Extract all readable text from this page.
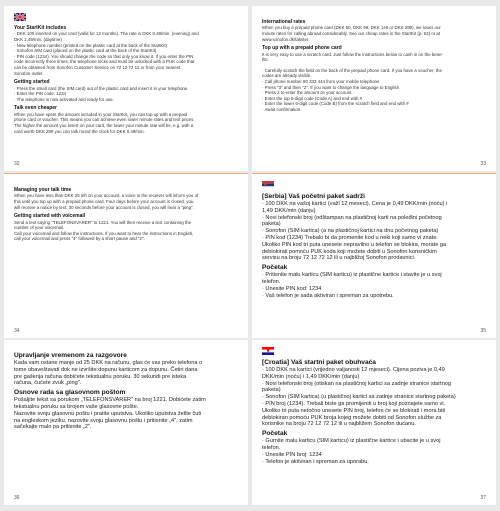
Your StartKit includes
· DKK 100 inserted on your card (valid for 12 months). The rate is DKK 0.49/min. (evening) and
DKK 1.49/min. (daytime)
· New telephone number (printed on the plastic card at the back of the StartKit)
· Sonofon SIM card (placed on the plastic card at the back of the StartKit)
· PIN code (1234). You should change the code so that only you know it. If you enter the PIN
code incorrectly three times, the telephone locks and must be unlocked with a PUK code that
can be obtained from Sonofon Customer Service on 72 12 72 12 or from your nearest
Sonofon outlet.
Getting started
· Press the small card (the SIM card) out of the plastic card and insert it in your telephone
· Enter the PIN code: 1234
· The telephone is now activated and ready for use.
Talk even cheaper
When you have spent the amount included in your StartKit, you can top up with a prepaid
phone card or voucher. This means you can achieve even lower minute rates and text prices.
The higher the amount you insert on your card, the lower your minute rate will be, e.g. with a
card worth DKK 299 you can talk round the clock for DKK 0.49/min.
32
International rates
When you buy a prepaid phone card (DKK 50, DKK 99, DKK 149 or DKK 299), we lower our
minute rates for calling abroad considerably. See our cheap rates in the StartKit (p. 63) or at
www.sonofon.dk/takster.
Top up with a prepaid phone card
It is very easy to use a scratch card. Just follow the instructions below to cash in on the bene-
fits.
· Carefully scratch the field on the back of the prepaid phone card. If you have a voucher, the
codes are already visible.
· Call phone number 80 333 444 from your mobile telephone
· Press "3" and then "2". If you want to change the language to English
· Press 2 to enter the amount on your account
· Enter the top 8-digit code (Code A) and end with #
· Enter the lower 6-digit code (Code B) from the scratch field and end with #
· Await confirmation
33
Managing your talk time
When you have less than DKK 25 left on your account, a voice in the receiver will inform you of
this until you top up with a prepaid phone card. Four days before your account is closed, you
will receive a notice by text. 30 seconds before your account is closed, you will hear a "ping".
Getting started with voicemail
Send a text saying "TELEFONSVARER" to 1221. You will then receive a text containing the
number of your voicemail.
Call your voicemail and follow the instructions. If you want to hear the instructions in English,
call your voicemail and press "4" followed by a short pause and "2".
34
[Serbia] Vaš početni paket sadrži
· 100 DKK na vašoj kartici (važi 12 meseci). Cena je 0,49 DKK/min (noću) i
1,49 DKK/min (danju)
· Novi telefonski broj (odštampan na plastičnoj karti na poleđini početnog
paketa)
· Sonofon (SIM kartica) (a na plastičnoj kartici na dnu početnog paketa)
· PIN kod (1234) Trebalo bi da promenite kod u neki koji samo vi znate.
Ukoliko PIN kod tri puta unesete nepravilno u telefon se blokira, morate ga
deblokirati pomoću PUK koda koji možete dobiti u Sonofon korisničkim
servisu na broju 72 12 72 12 ili u najbližoj Sonofon prodavnici.
Početak
· Pritisnite malu karticu (SIM karticu) iz plastične kartice i stavite je u svoj
telefon.
· Unesite PIN kod: 1234
· Vaš telefon je sada aktiviran i spreman za upotrebu.
35
Upravljanje vremenom za razgovore
Kada vam ostane manje od 25 DKK na računu, glas će vas preko telefona o
tome obaveštavati dok ne izvršite dopunu karticom za dopunu. Četiri dana
pre gašenja računa dobićete tekstualnu poruku. 30 sekundi pre isteka
računa, čućete zvuk „ping".
Osnove rada sa glasovnom poštom
Pošaljite tekst sa porukom „TELEFONSVARER" na broj 1221. Dobićete zatim
tekstualnu poruku sa brojem vaše glasovne pošte.
Nazovite svoju glasovnu poštu i pratite uputstva. Ukoliko uputstva želite čuti
na engleskom jeziku, nazovite svoju glasovnu poštu i pritisnite „4", zatim
sačekajte malo pa pritisnite „2".
36
[Croatia] Vaš startni paket obuhvaća
· 100 DKK na kartici (vrijedno valjanosti 12 mjeseci). Cijena poziva je 0,49
DKK/min (noću) i 1,49 DKK/min (danju)
· Novi telefonski broj (otiskan na plastičnoj kartici sa zadnje stranice startnog
paketa)
· Sonofon (SIM kartica) (u plastičnoj kartici sa zadnje stranice startnog paketa)
· PIN broj (1234). Trebali biste ga promijeniti u broj koji poznajete samo vi.
Ukoliko tri puta netočno unesete PIN broj, telefon će se blokirati i mora biti
deblokiran pomoću PUK broja kojeg možete dobiti od Sonofon službe za
korisnike na broju 72 12 72 12 ili u najbližem Sonofon dućanu.
Početak
· Gurnite malu karticu (SIM karticu) iz plastične kartice i ubacite je u svoj
telefon.
· Unesite PIN broj: 1234
· Telefon je aktiviran i spreman za uporabu.
37
